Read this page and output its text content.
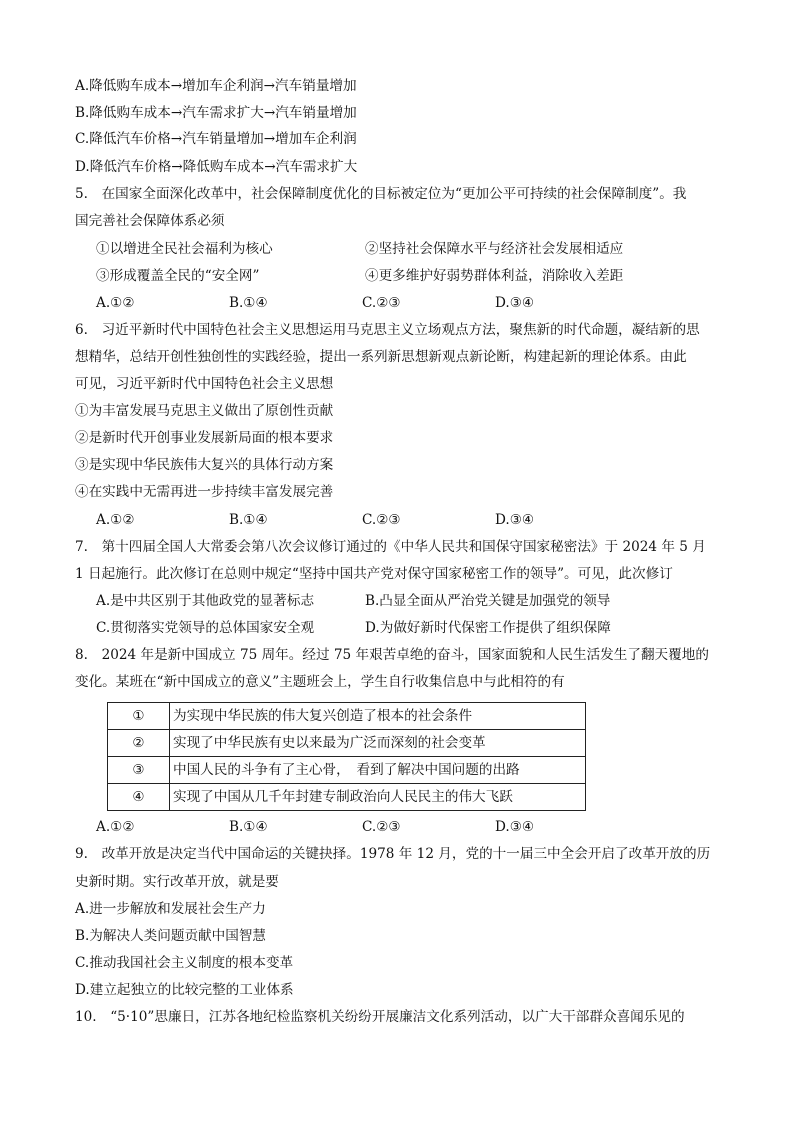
A.降低购车成本→增加车企利润→汽车销量增加
B.降低购车成本→汽车需求扩大→汽车销量增加
C.降低汽车价格→汽车销量增加→增加车企利润
D.降低汽车价格→降低购车成本→汽车需求扩大
5.　在国家全面深化改革中，社会保障制度优化的目标被定位为“更加公平可持续的社会保障制度”。我
国完善社会保障体系必须
①以增进全民社会福利为核心	②坚持社会保障水平与经济社会发展相适应
③形成覆盖全民的“安全网”	④更多维护好弱势群体利益，消除收入差距
A.①②	B.①④	C.②③	D.③④
6.　习近平新时代中国特色社会主义思想运用马克思主义立场观点方法，聚焦新的时代命题，凝结新的思
想精华，总结开创性独创性的实践经验，提出一系列新思想新观点新论断，构建起新的理论体系。由此
可见，习近平新时代中国特色社会主义思想
①为丰富发展马克思主义做出了原创性贡献
②是新时代开创事业发展新局面的根本要求
③是实现中华民族伟大复兴的具体行动方案
④在实践中无需再进一步持续丰富发展完善
A.①②	B.①④	C.②③	D.③④
7.　第十四届全国人大常委会第八次会议修订通过的《中华人民共和国保守国家秘密法》于 2024 年 5 月
1 日起施行。此次修订在总则中规定“坚持中国共产党对保守国家秘密工作的领导”。可见，此次修订
A.是中共区别于其他政党的显著标志	B.凸显全面从严治党关键是加强党的领导
C.贯彻落实党领导的总体国家安全观	D.为做好新时代保密工作提供了组织保障
8.　2024 年是新中国成立 75 周年。经过 75 年艰苦卓绝的奋斗，国家面貌和人民生活发生了翻天覆地的
变化。某班在“新中国成立的意义”主题班会上，学生自行收集信息中与此相符的有
①	为实现中华民族的伟大复兴创造了根本的社会条件
②	实现了中华民族有史以来最为广泛而深刻的社会变革
③	中国人民的斗争有了主心骨，　看到了解决中国问题的出路
④	实现了中国从几千年封建专制政治向人民民主的伟大飞跃
A.①②	B.①④	C.②③	D.③④
9.　改革开放是决定当代中国命运的关键抉择。1978 年 12 月，党的十一届三中全会开启了改革开放的历
史新时期。实行改革开放，就是要
A.进一步解放和发展社会生产力
B.为解决人类问题贡献中国智慧
C.推动我国社会主义制度的根本变革
D.建立起独立的比较完整的工业体系
10.　“5·10”思廉日，江苏各地纪检监察机关纷纷开展廉洁文化系列活动，以广大干部群众喜闻乐见的
